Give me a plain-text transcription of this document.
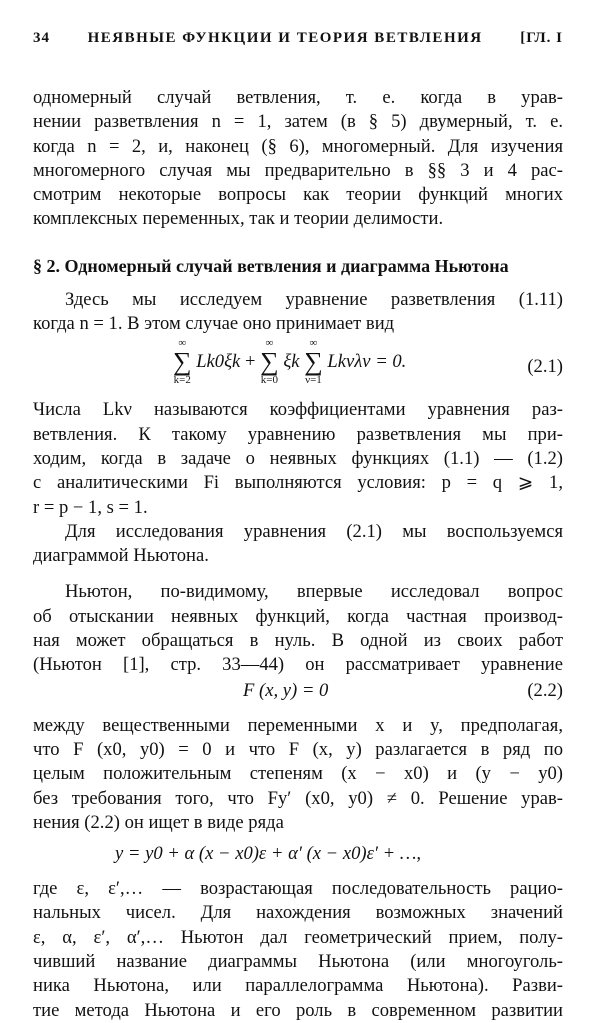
34	НЕЯВНЫЕ ФУНКЦИИ И ТЕОРИЯ ВЕТВЛЕНИЯ	[ГЛ. I

одномерный случай ветвления, т. е. когда в урав-

нении разветвления n = 1, затем (в § 5) двумерный, т. е.

когда n = 2, и, наконец (§ 6), многомерный. Для изучения

многомерного случая мы предварительно в §§ 3 и 4 рас-

смотрим некоторые вопросы как теории функций многих

комплексных переменных, так и теории делимости.

§ 2. Одномерный случай ветвления и диаграмма Ньютона

Здесь мы исследуем уравнение разветвления (1.11)

когда n = 1. В этом случае оно принимает вид

∞
∑
k=2
Lk0ξk +
∞
∑
k=0
ξk
∞
∑
ν=1
Lkνλν = 0.	(2.1)

Числа Lkν называются коэффициентами уравнения раз-

ветвления. К такому уравнению разветвления мы при-

ходим, когда в задаче о неявных функциях (1.1) — (1.2)

с аналитическими Fi выполняются условия: p = q ⩾ 1,

r = p − 1, s = 1.

Для исследования уравнения (2.1) мы воспользуемся

диаграммой Ньютона.

Ньютон, по-видимому, впервые исследовал вопрос

об отыскании неявных функций, когда частная производ-

ная может обращаться в нуль. В одной из своих работ

(Ньютон [1], стр. 33—44) он рассматривает уравнение

F (x, y) = 0	(2.2)

между вещественными переменными x и y, предполагая,

что F (x0, y0) = 0 и что F (x, y) разлагается в ряд по

целым положительным степеням (x − x0) и (y − y0)

без требования того, что Fy′ (x0, y0) ≠ 0. Решение урав-

нения (2.2) он ищет в виде ряда

y = y0 + α (x − x0)ε + α′ (x − x0)ε′ + …,

где ε, ε′,… — возрастающая последовательность рацио-

нальных чисел. Для нахождения возможных значений

ε, α, ε′, α′,… Ньютон дал геометрический прием, полу-

чивший название диаграммы Ньютона (или многоуголь-

ника Ньютона, или параллелограмма Ньютона). Разви-

тие метода Ньютона и его роль в современном развитии
